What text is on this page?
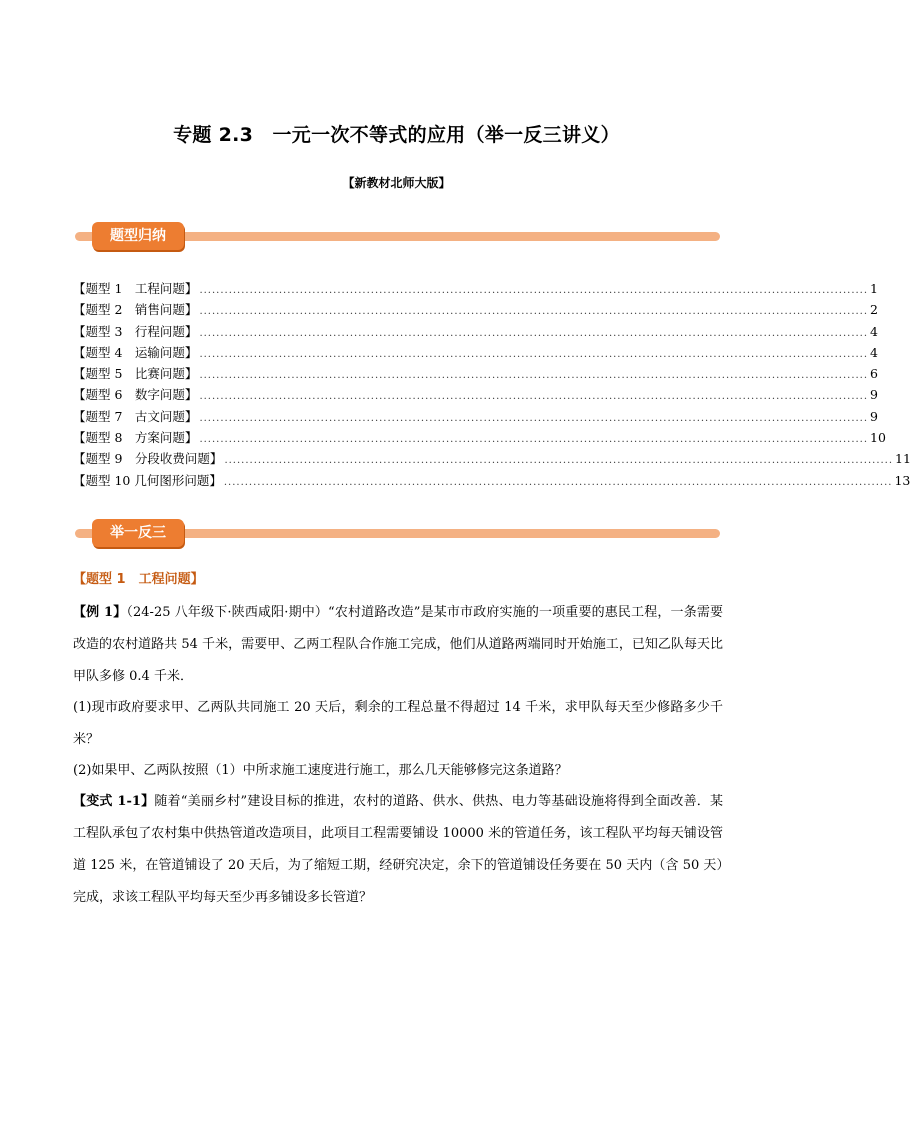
专题 2.3　一元一次不等式的应用（举一反三讲义）
【新教材北师大版】
题型归纳
【题型 1　工程问题】 ................................................................................................................................................................ 1
【题型 2　销售问题】 ................................................................................................................................................................ 2
【题型 3　行程问题】 ................................................................................................................................................................ 4
【题型 4　运输问题】 ................................................................................................................................................................ 4
【题型 5　比赛问题】 ................................................................................................................................................................ 6
【题型 6　数字问题】 ................................................................................................................................................................ 9
【题型 7　古文问题】 ................................................................................................................................................................ 9
【题型 8　方案问题】 ................................................................................................................................................................ 10
【题型 9　分段收费问题】 ................................................................................................................................................................ 11
【题型 10 几何图形问题】 ................................................................................................................................................................ 13
举一反三
【题型 1　工程问题】
【例 1】（24-25 八年级下·陕西咸阳·期中）“农村道路改造”是某市市政府实施的一项重要的惠民工程，一条需要改造的农村道路共 54 千米，需要甲、乙两工程队合作施工完成，他们从道路两端同时开始施工，已知乙队每天比甲队多修 0.4 千米．
(1)现市政府要求甲、乙两队共同施工 20 天后，剩余的工程总量不得超过 14 千米，求甲队每天至少修路多少千米？
(2)如果甲、乙两队按照（1）中所求施工速度进行施工，那么几天能够修完这条道路？
【变式 1-1】随着“美丽乡村”建设目标的推进，农村的道路、供水、供热、电力等基础设施将得到全面改善．某工程队承包了农村集中供热管道改造项目，此项目工程需要铺设 10000 米的管道任务，该工程队平均每天铺设管道 125 米，在管道铺设了 20 天后，为了缩短工期，经研究决定，余下的管道铺设任务要在 50 天内（含 50 天）完成，求该工程队平均每天至少再多铺设多长管道？
